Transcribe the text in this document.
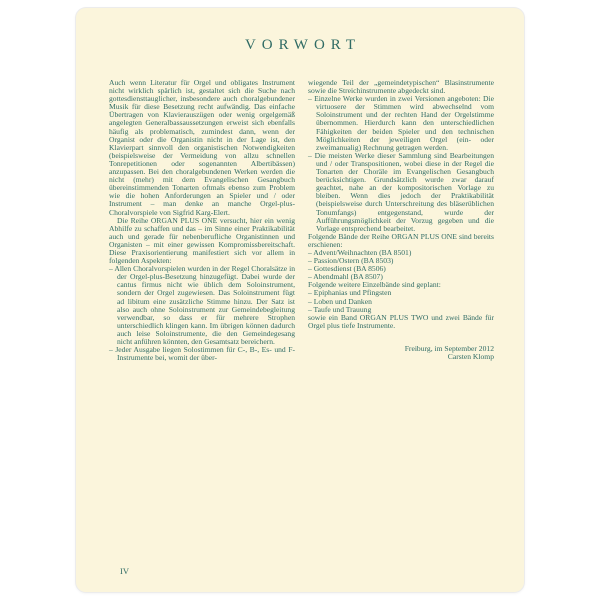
VORWORT

Auch wenn Literatur für Orgel und obligates Instrument nicht wirklich spärlich ist, gestaltet sich die Suche nach gottesdiensttauglicher, insbesondere auch choralgebundener Musik für diese Besetzung recht aufwändig. Das einfache Übertragen von Klavierauszügen oder wenig orgelgemäß angelegten Generalbassaussetzungen erweist sich ebenfalls häufig als problematisch, zumindest dann, wenn der Organist oder die Organistin nicht in der Lage ist, den Klavierpart sinnvoll den organistischen Notwendigkeiten (beispielsweise der Vermeidung von allzu schnellen Tonrepetitionen oder sogenannten Albertibässen) anzupassen. Bei den choralgebundenen Werken werden die nicht (mehr) mit dem Evangelischen Gesangbuch übereinstimmenden Tonarten oftmals ebenso zum Problem wie die hohen Anforderungen an Spieler und / oder Instrument – man denke an manche Orgel-plus-Choralvorspiele von Sigfrid Karg-Elert.

Die Reihe ORGAN PLUS ONE versucht, hier ein wenig Abhilfe zu schaffen und das – im Sinne einer Praktikabilität auch und gerade für nebenberufliche Organistinnen und Organisten – mit einer gewissen Kompromissbereitschaft. Diese Praxisorientierung manifestiert sich vor allem in folgenden Aspekten:

– Allen Choralvorspielen wurden in der Regel Choralsätze in der Orgel-plus-Besetzung hinzugefügt. Dabei wurde der cantus firmus nicht wie üblich dem Soloinstrument, sondern der Orgel zugewiesen. Das Soloinstrument fügt ad libitum eine zusätzliche Stimme hinzu. Der Satz ist also auch ohne Soloinstrument zur Gemeindebegleitung verwendbar, so dass er für mehrere Strophen unterschiedlich klingen kann. Im übrigen können dadurch auch leise Soloinstrumente, die den Gemeindegesang nicht anführen könnten, den Gesamtsatz bereichern.

– Jeder Ausgabe liegen Solostimmen für C-, B-, Es- und F- Instrumente bei, womit der über-

wiegende Teil der „gemeindetypischen“ Blasinstrumente sowie die Streichinstrumente abgedeckt sind.

– Einzelne Werke wurden in zwei Versionen angeboten: Die virtuosere der Stimmen wird abwechselnd vom Soloinstrument und der rechten Hand der Orgelstimme übernommen. Hierdurch kann den unterschiedlichen Fähigkeiten der beiden Spieler und den technischen Möglichkeiten der jeweiligen Orgel (ein- oder zweimanualig) Rechnung getragen werden.

– Die meisten Werke dieser Sammlung sind Bearbeitungen und / oder Transpositionen, wobei diese in der Regel die Tonarten der Choräle im Evangelischen Gesangbuch berücksichtigen. Grundsätzlich wurde zwar darauf geachtet, nahe an der kompositorischen Vorlage zu bleiben. Wenn dies jedoch der Praktikabilität (beispielsweise durch Unterschreitung des bläserüblichen Tonumfangs) entgegenstand, wurde der Aufführungsmöglichkeit der Vorzug gegeben und die Vorlage entsprechend bearbeitet.

Folgende Bände der Reihe ORGAN PLUS ONE sind bereits erschienen:

– Advent/Weihnachten (BA 8501)

– Passion/Ostern (BA 8503)

– Gottesdienst (BA 8506)

– Abendmahl (BA 8507)

Folgende weitere Einzelbände sind geplant:

– Epiphanias und Pfingsten

– Loben und Danken

– Taufe und Trauung

sowie ein Band ORGAN PLUS TWO und zwei Bände für Orgel plus tiefe Instrumente.

Freiburg, im September 2012

Carsten Klomp

IV
